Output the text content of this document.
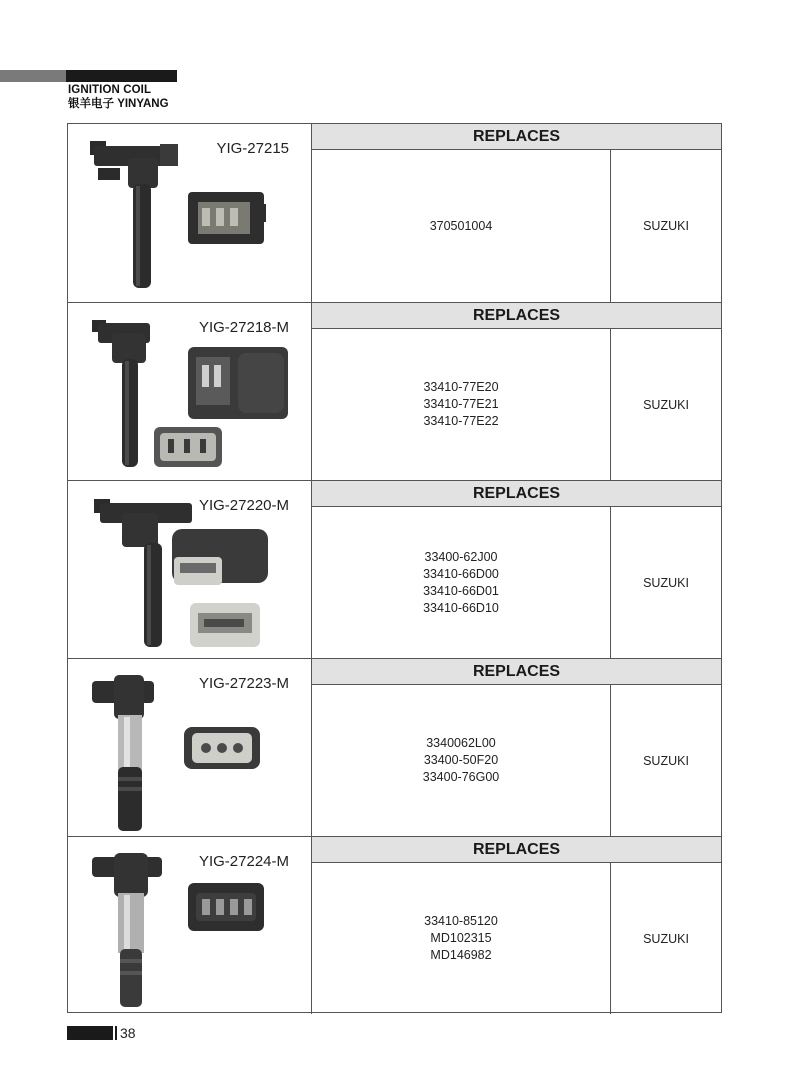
IGNITION COIL
银羊电子 YINYANG
YIG-27215
REPLACES
370501004	SUZUKI
YIG-27218-M
REPLACES
33410-77E20
33410-77E21
33410-77E22
SUZUKI
YIG-27220-M
REPLACES
33400-62J00
33410-66D00
33410-66D01
33410-66D10
SUZUKI
YIG-27223-M
REPLACES
3340062L00
33400-50F20
33400-76G00
SUZUKI
YIG-27224-M
REPLACES
33410-85120
MD102315
MD146982
SUZUKI
38
